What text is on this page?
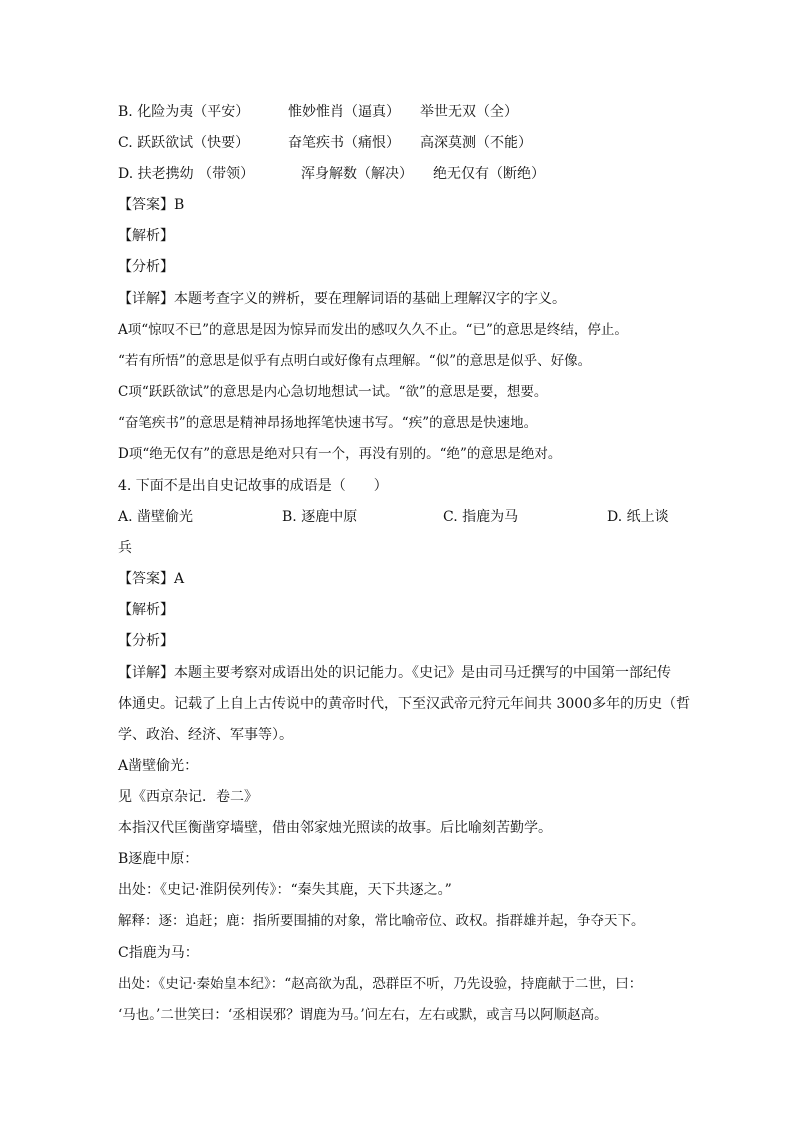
B. 化险为夷（平安）	惟妙惟肖（逼真） 举世无双（全）
C. 跃跃欲试（快要）	奋笔疾书（痛恨） 高深莫测（不能）
D. 扶老携幼 （带领）	浑身解数（解决） 绝无仅有（断绝）
【答案】B
【解析】
【分析】
【详解】本题考查字义的辨析，要在理解词语的基础上理解汉字的字义。
A项“惊叹不已”的意思是因为惊异而发出的感叹久久不止。“已”的意思是终结，停止。
“若有所悟”的意思是似乎有点明白或好像有点理解。“似”的意思是似乎、好像。
C项“跃跃欲试”的意思是内心急切地想试一试。“欲”的意思是要，想要。
“奋笔疾书”的意思是精神昂扬地挥笔快速书写。“疾”的意思是快速地。
D项“绝无仅有”的意思是绝对只有一个，再没有别的。“绝”的意思是绝对。
4. 下面不是出自史记故事的成语是（　　）
A. 凿壁偷光	B. 逐鹿中原	C. 指鹿为马	D. 纸上谈
兵
【答案】A
【解析】
【分析】
【详解】本题主要考察对成语出处的识记能力。《史记》是由司马迁撰写的中国第一部纪传
体通史。记载了上自上古传说中的黄帝时代，下至汉武帝元狩元年间共 3000多年的历史（哲
学、政治、经济、军事等）。
A凿壁偷光：
见《西京杂记．卷二》
本指汉代匡衡凿穿墙壁，借由邻家烛光照读的故事。后比喻刻苦勤学。
B逐鹿中原：
出处：《史记·淮阴侯列传》：“秦失其鹿，天下共逐之。”
解释：逐：追赶；鹿：指所要围捕的对象，常比喻帝位、政权。指群雄并起，争夺天下。
C指鹿为马：
出处：《史记·秦始皇本纪》：“赵高欲为乱，恐群臣不听，乃先设验，持鹿献于二世，曰：
‘马也。’二世笑曰：‘丞相误邪？谓鹿为马。’问左右，左右或默，或言马以阿顺赵高。
